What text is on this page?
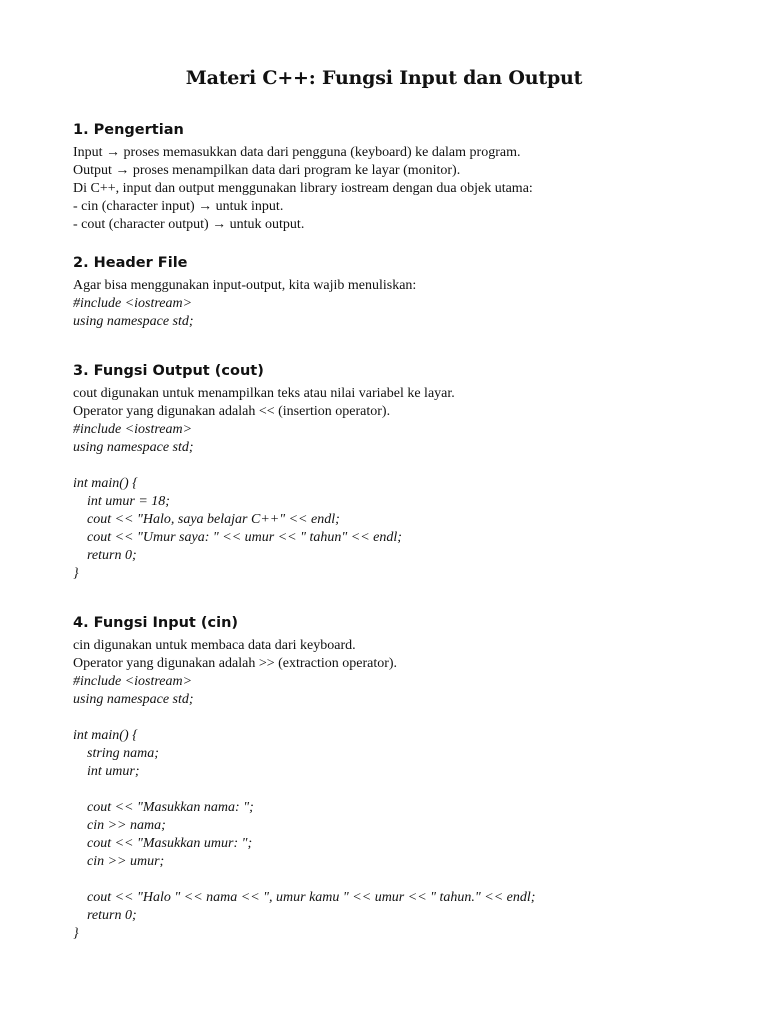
Materi C++: Fungsi Input dan Output
1. Pengertian
Input → proses memasukkan data dari pengguna (keyboard) ke dalam program.
Output → proses menampilkan data dari program ke layar (monitor).
Di C++, input dan output menggunakan library iostream dengan dua objek utama:
- cin (character input) → untuk input.
- cout (character output) → untuk output.
2. Header File
Agar bisa menggunakan input-output, kita wajib menuliskan:
#include <iostream>
using namespace std;
3. Fungsi Output (cout)
cout digunakan untuk menampilkan teks atau nilai variabel ke layar.
Operator yang digunakan adalah << (insertion operator).
#include <iostream>
using namespace std;
int main() {
int umur = 18;
cout << "Halo, saya belajar C++" << endl;
cout << "Umur saya: " << umur << " tahun" << endl;
return 0;
}
4. Fungsi Input (cin)
cin digunakan untuk membaca data dari keyboard.
Operator yang digunakan adalah >> (extraction operator).
#include <iostream>
using namespace std;
int main() {
string nama;
int umur;
cout << "Masukkan nama: ";
cin >> nama;
cout << "Masukkan umur: ";
cin >> umur;
cout << "Halo " << nama << ", umur kamu " << umur << " tahun." << endl;
return 0;
}
